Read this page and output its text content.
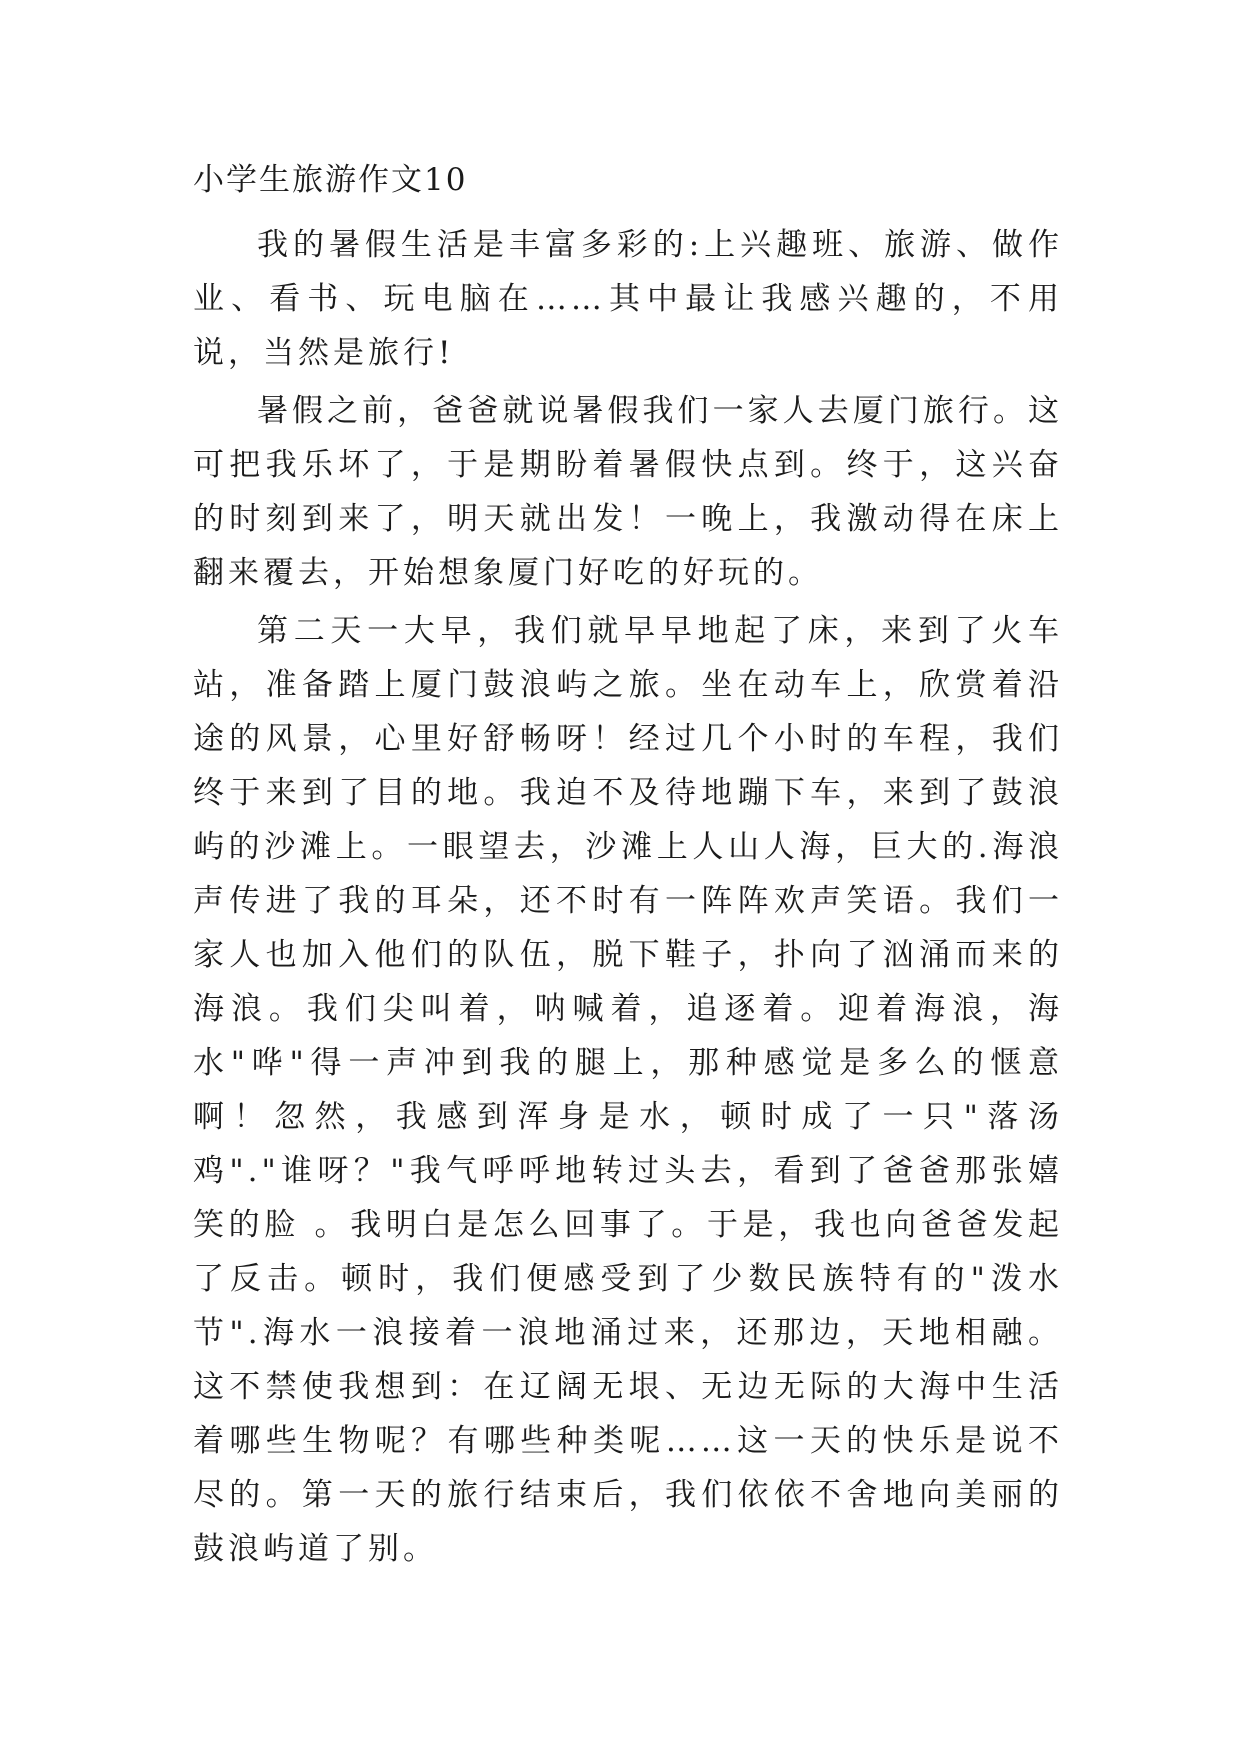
小学生旅游作文10

我的暑假生活是丰富多彩的:上兴趣班、旅游、做作业、看书、玩电脑在……其中最让我感兴趣的，不用说，当然是旅行!

暑假之前，爸爸就说暑假我们一家人去厦门旅行。这可把我乐坏了，于是期盼着暑假快点到。终于，这兴奋的时刻到来了，明天就出发！一晚上，我激动得在床上翻来覆去，开始想象厦门好吃的好玩的。

第二天一大早，我们就早早地起了床，来到了火车站，准备踏上厦门鼓浪屿之旅。坐在动车上，欣赏着沿途的风景，心里好舒畅呀！经过几个小时的车程，我们终于来到了目的地。我迫不及待地蹦下车，来到了鼓浪屿的沙滩上。一眼望去，沙滩上人山人海，巨大的.海浪声传进了我的耳朵，还不时有一阵阵欢声笑语。我们一家人也加入他们的队伍，脱下鞋子，扑向了汹涌而来的海浪。我们尖叫着，呐喊着，追逐着。迎着海浪，海水"哗"得一声冲到我的腿上，那种感觉是多么的惬意啊！忽然，我感到浑身是水，顿时成了一只"落汤鸡"."谁呀？"我气呼呼地转过头去，看到了爸爸那张嬉笑的脸 。我明白是怎么回事了。于是，我也向爸爸发起了反击。顿时，我们便感受到了少数民族特有的"泼水节".海水一浪接着一浪地涌过来，还那边，天地相融。这不禁使我想到：在辽阔无垠、无边无际的大海中生活着哪些生物呢？有哪些种类呢……这一天的快乐是说不尽的。第一天的旅行结束后，我们依依不舍地向美丽的鼓浪屿道了别。
